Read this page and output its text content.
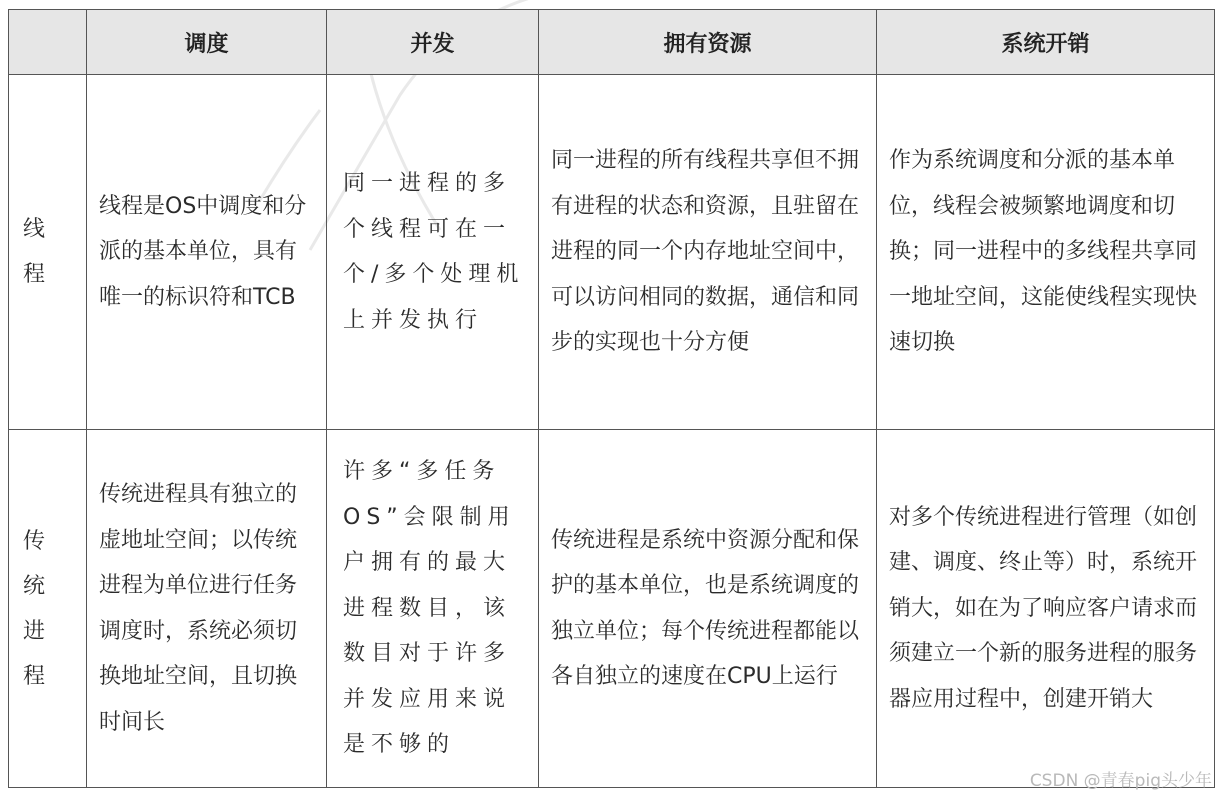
	调度	并发	拥有资源	系统开销

线
程	线程是OS中调度和分派的基本单位，具有唯一的标识符和TCB	同一进程的多个线程可在一个/多个处理机上并发执行	同一进程的所有线程共享但不拥有进程的状态和资源，且驻留在进程的同一个内存地址空间中，可以访问相同的数据，通信和同步的实现也十分方便	作为系统调度和分派的基本单位，线程会被频繁地调度和切换；同一进程中的多线程共享同一地址空间，这能使线程实现快速切换

传
统
进
程	传统进程具有独立的虚地址空间；以传统进程为单位进行任务调度时，系统必须切换地址空间，且切换时间长	许多“多任务OS”会限制用户拥有的最大进程数目，该数目对于许多并发应用来说是不够的	传统进程是系统中资源分配和保护的基本单位，也是系统调度的独立单位；每个传统进程都能以各自独立的速度在CPU上运行	对多个传统进程进行管理（如创建、调度、终止等）时，系统开销大，如在为了响应客户请求而须建立一个新的服务进程的服务器应用过程中，创建开销大
CSDN @青春pig头少年
